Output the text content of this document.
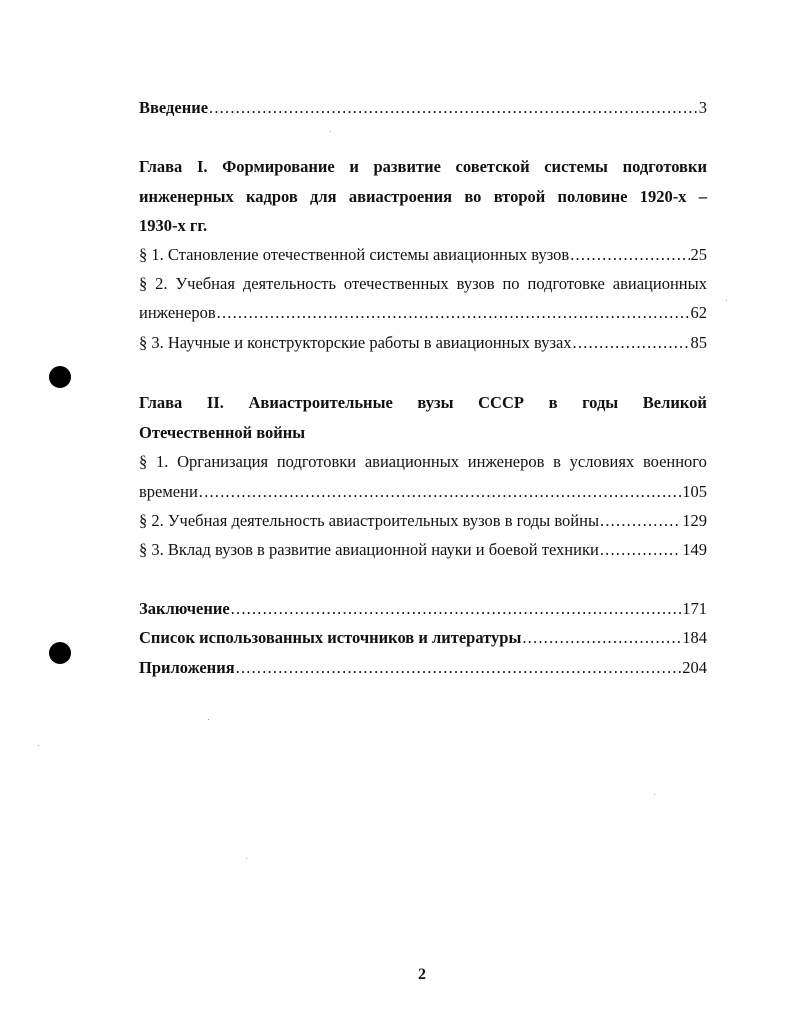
Введение .....	3
Глава I. Формирование и развитие советской системы подготовки
инженерных кадров для авиастроения во второй половине 1920-х –
1930-х гг.
§ 1. Становление отечественной системы авиационных вузов .....	25
§ 2. Учебная деятельность отечественных вузов по подготовке авиационных
инженеров .....	62
§ 3. Научные и конструкторские работы в авиационных вузах .....	85
Глава II. Авиастроительные вузы СССР в годы Великой
Отечественной войны
§ 1. Организация подготовки авиационных инженеров в условиях военного
времени .....	105
§ 2. Учебная деятельность авиастроительных вузов в годы войны .....	129
§ 3. Вклад вузов в развитие авиационной науки и боевой техники .....	149
Заключение .....	171
Список использованных источников и литературы .....	184
Приложения .....	204
2
